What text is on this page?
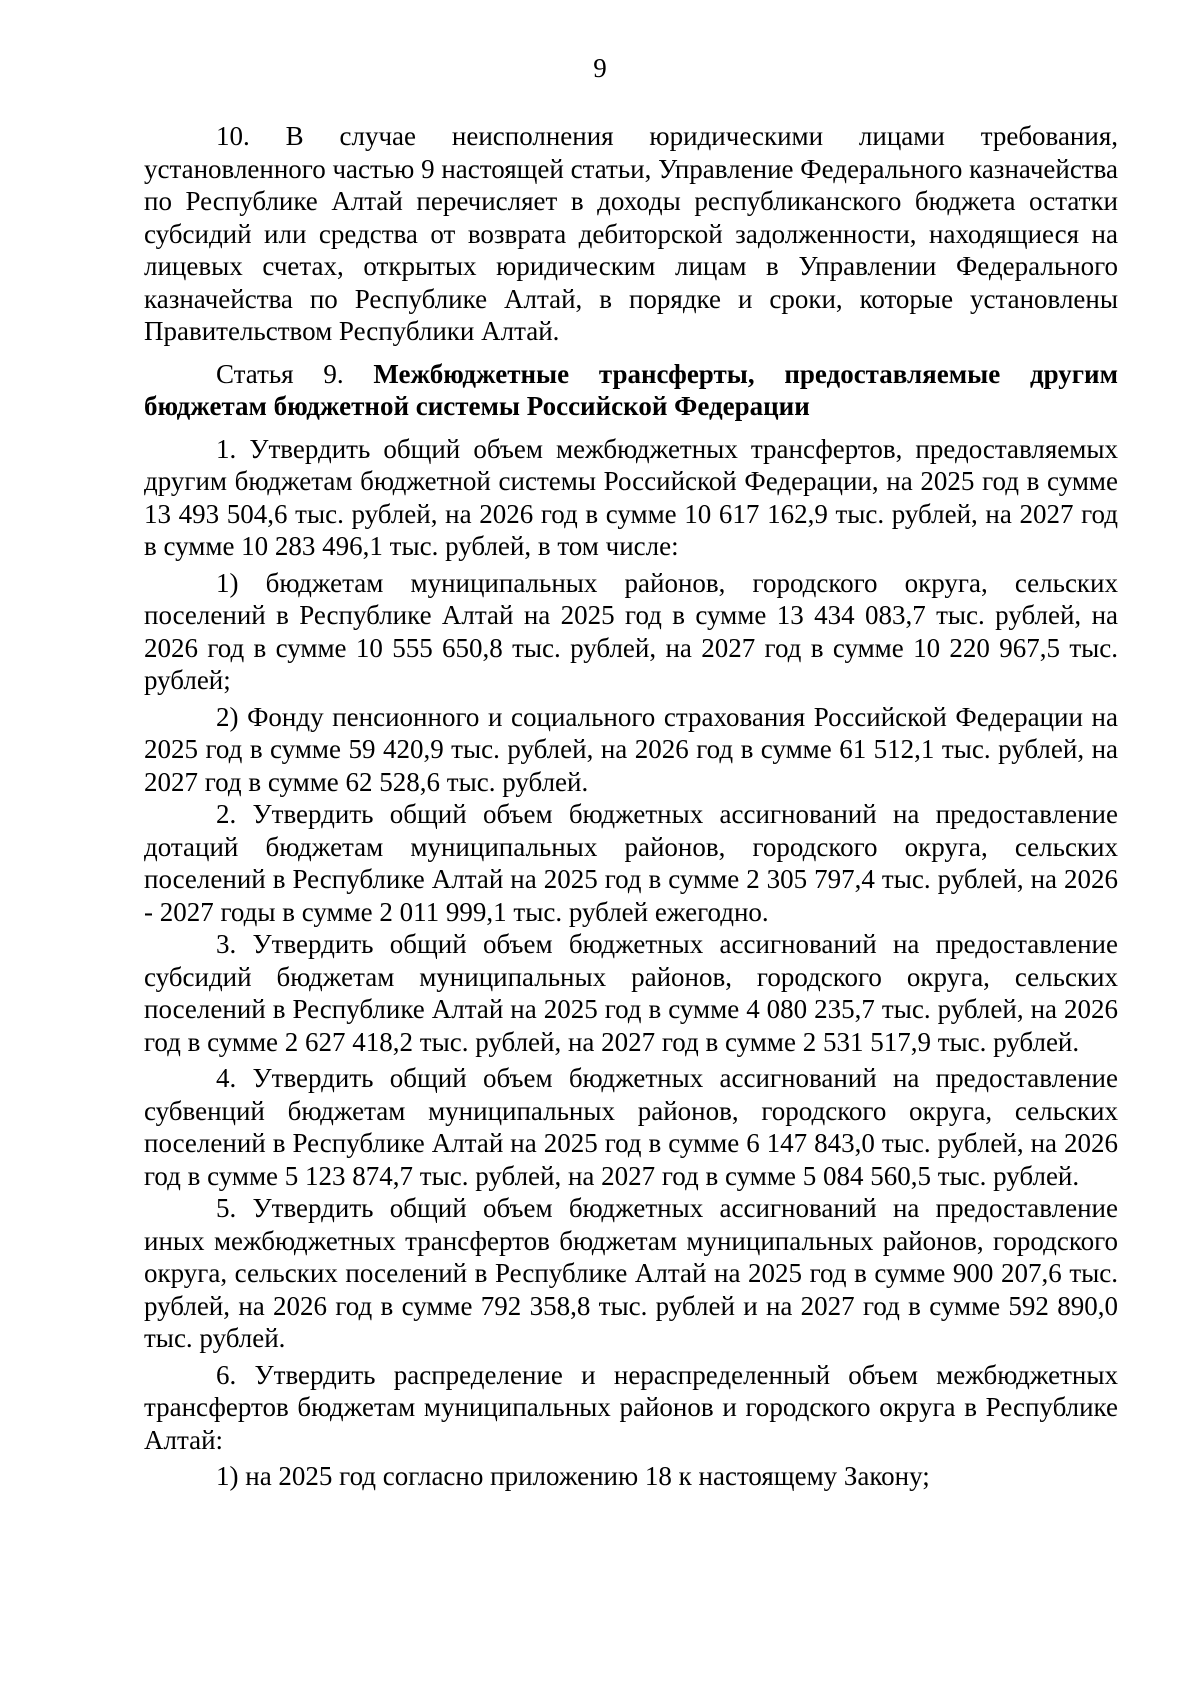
9

10. В случае неисполнения юридическими лицами требования, установленного частью 9 настоящей статьи, Управление Федерального казначейства по Республике Алтай перечисляет в доходы республиканского бюджета остатки субсидий или средства от возврата дебиторской задолженности, находящиеся на лицевых счетах, открытых юридическим лицам в Управлении Федерального казначейства по Республике Алтай, в порядке и сроки, которые установлены Правительством Республики Алтай.

Статья 9. Межбюджетные трансферты, предоставляемые другим бюджетам бюджетной системы Российской Федерации

1. Утвердить общий объем межбюджетных трансфертов, предоставляемых другим бюджетам бюджетной системы Российской Федерации, на 2025 год в сумме 13 493 504,6 тыс. рублей, на 2026 год в сумме 10 617 162,9 тыс. рублей, на 2027 год в сумме 10 283 496,1 тыс. рублей, в том числе:

1) бюджетам муниципальных районов, городского округа, сельских поселений в Республике Алтай на 2025 год в сумме 13 434 083,7 тыс. рублей, на 2026 год в сумме 10 555 650,8 тыс. рублей, на 2027 год в сумме 10 220 967,5 тыс. рублей;

2) Фонду пенсионного и социального страхования Российской Федерации на 2025 год в сумме 59 420,9 тыс. рублей, на 2026 год в сумме 61 512,1 тыс. рублей, на 2027 год в сумме 62 528,6 тыс. рублей.

2. Утвердить общий объем бюджетных ассигнований на предоставление дотаций бюджетам муниципальных районов, городского округа, сельских поселений в Республике Алтай на 2025 год в сумме 2 305 797,4 тыс. рублей, на 2026 - 2027 годы в сумме 2 011 999,1 тыс. рублей ежегодно.

3. Утвердить общий объем бюджетных ассигнований на предоставление субсидий бюджетам муниципальных районов, городского округа, сельских поселений в Республике Алтай на 2025 год в сумме 4 080 235,7 тыс. рублей, на 2026 год в сумме 2 627 418,2 тыс. рублей, на 2027 год в сумме 2 531 517,9 тыс. рублей.

4. Утвердить общий объем бюджетных ассигнований на предоставление субвенций бюджетам муниципальных районов, городского округа, сельских поселений в Республике Алтай на 2025 год в сумме 6 147 843,0 тыс. рублей, на 2026 год в сумме 5 123 874,7 тыс. рублей, на 2027 год в сумме 5 084 560,5 тыс. рублей.

5. Утвердить общий объем бюджетных ассигнований на предоставление иных межбюджетных трансфертов бюджетам муниципальных районов, городского округа, сельских поселений в Республике Алтай на 2025 год в сумме 900 207,6 тыс. рублей, на 2026 год в сумме 792 358,8 тыс. рублей и на 2027 год в сумме 592 890,0 тыс. рублей.

6. Утвердить распределение и нераспределенный объем межбюджетных трансфертов бюджетам муниципальных районов и городского округа в Республике Алтай:

1) на 2025 год согласно приложению 18 к настоящему Закону;
